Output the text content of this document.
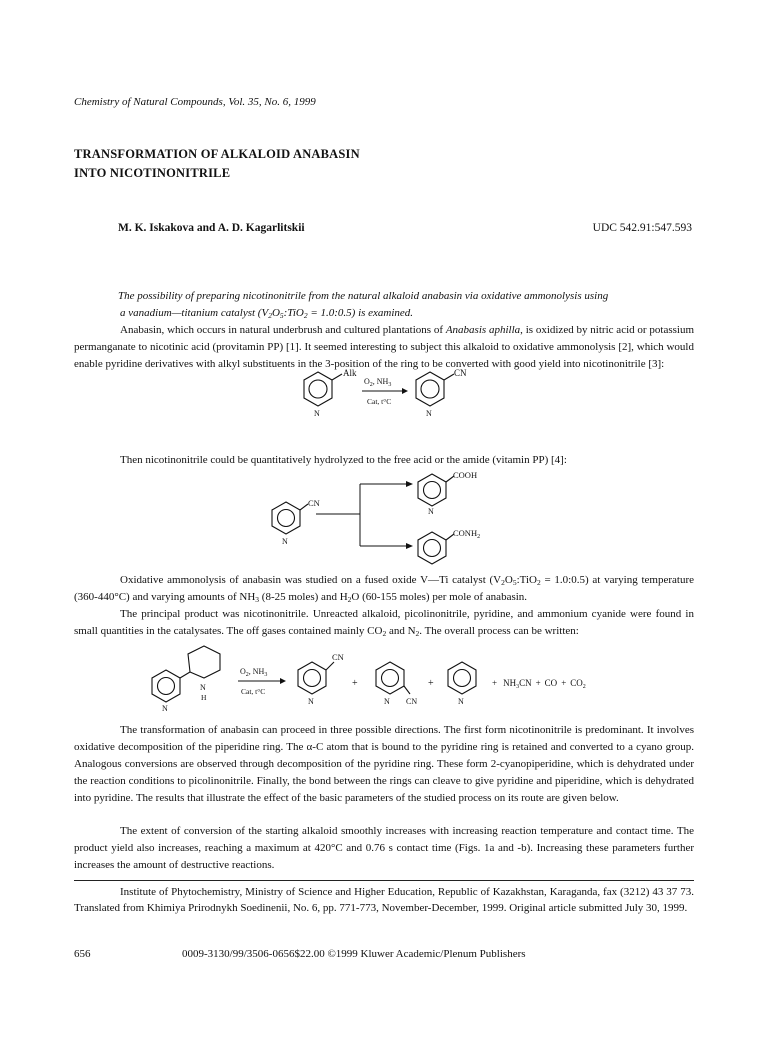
Chemistry of Natural Compounds, Vol. 35, No. 6, 1999
TRANSFORMATION OF ALKALOID ANABASIN
INTO NICOTINONITRILE
M. K. Iskakova and A. D. Kagarlitskii	UDC 542.91:547.593
The possibility of preparing nicotinonitrile from the natural alkaloid anabasin via oxidative ammonolysis using
a vanadium—titanium catalyst ($V_2O_5:TiO_2$ = 1.0:0.5) is examined.
Anabasin, which occurs in natural underbrush and cultured plantations of Anabasis aphilla, is oxidized by nitric acid or potassium permanganate to nicotinic acid (provitamin PP) [1]. It seemed interesting to subject this alkaloid to oxidative ammonolysis [2], which would enable pyridine derivatives with alkyl substituents in the 3-position of the ring to be converted with good yield into nicotinonitrile [3]:
Alk
N
$O_2$, $NH_3$
Cat, t°C
CN
N
Then nicotinonitrile could be quantitatively hydrolyzed to the free acid or the amide (vitamin PP) [4]:
CN
N
COOH
N
$CONH_2$
Oxidative ammonolysis of anabasin was studied on a fused oxide V—Ti catalyst ($V_2O_5:TiO_2$ = 1.0:0.5) at varying temperature (360-440°C) and varying amounts of $NH_3$ (8-25 moles) and $H_2O$ (60-155 moles) per mole of anabasin.
The principal product was nicotinonitrile. Unreacted alkaloid, picolinonitrile, pyridine, and ammonium cyanide were found in small quantities in the catalysates. The off gases contained mainly $CO_2$ and $N_2$. The overall process can be written:
N
N
H
$O_2$, $NH_3$
Cat, t°C
CN
N
+
N CN
+
N
+ $NH_3CN$ + CO + $CO_2$
The transformation of anabasin can proceed in three possible directions. The first form nicotinonitrile is predominant. It involves oxidative decomposition of the piperidine ring. The α-C atom that is bound to the pyridine ring is retained and converted to a cyano group. Analogous conversions are observed through decomposition of the pyridine ring. These form 2-cyanopiperidine, which is dehydrated under the reaction conditions to picolinonitrile. Finally, the bond between the rings can cleave to give pyridine and piperidine, which is dehydrated into pyridine. The results that illustrate the effect of the basic parameters of the studied process on its route are given below.
The extent of conversion of the starting alkaloid smoothly increases with increasing reaction temperature and contact time. The product yield also increases, reaching a maximum at 420°C and 0.76 s contact time (Figs. 1a and -b). Increasing these parameters further increases the amount of destructive reactions.
Institute of Phytochemistry, Ministry of Science and Higher Education, Republic of Kazakhstan, Karaganda, fax (3212) 43 37 73. Translated from Khimiya Prirodnykh Soedinenii, No. 6, pp. 771-773, November-December, 1999. Original article submitted July 30, 1999.
656	0009-3130/99/3506-0656$22.00 ©1999 Kluwer Academic/Plenum Publishers
